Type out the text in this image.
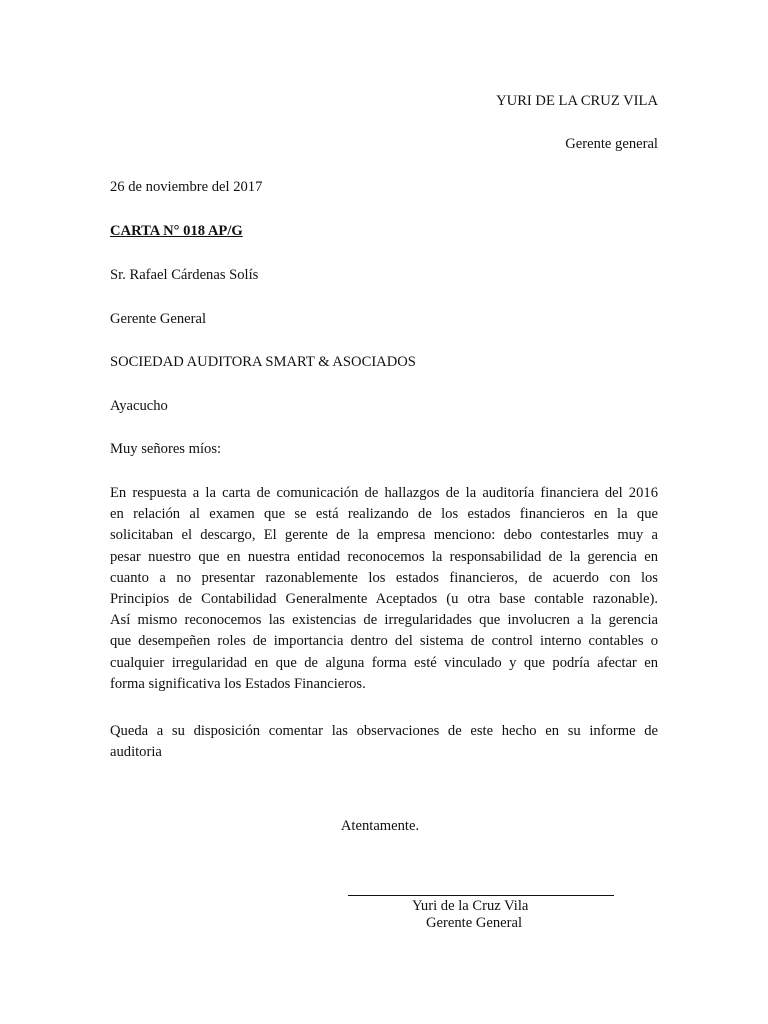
YURI DE LA CRUZ VILA
Gerente general
26 de noviembre del 2017
CARTA N° 018 AP/G
Sr. Rafael Cárdenas Solís
Gerente General
SOCIEDAD AUDITORA SMART & ASOCIADOS
Ayacucho
Muy señores míos:
En respuesta a la carta de comunicación de hallazgos de la auditoría financiera del 2016
en relación al examen que se está realizando de los estados financieros en la que
solicitaban el descargo, El gerente de la empresa menciono: debo contestarles muy a
pesar nuestro que en nuestra entidad reconocemos la responsabilidad de la gerencia en
cuanto a no presentar razonablemente los estados financieros, de acuerdo con los
Principios de Contabilidad Generalmente Aceptados (u otra base contable razonable).
Así mismo reconocemos las existencias de irregularidades que involucren a la gerencia
que desempeñen roles de importancia dentro del sistema de control interno contables o
cualquier irregularidad en que de alguna forma esté vinculado y que podría afectar en
forma significativa los Estados Financieros.
Queda a su disposición comentar las observaciones de este hecho en su informe de
auditoria
Atentamente.
Yuri de la Cruz Vila
Gerente General
